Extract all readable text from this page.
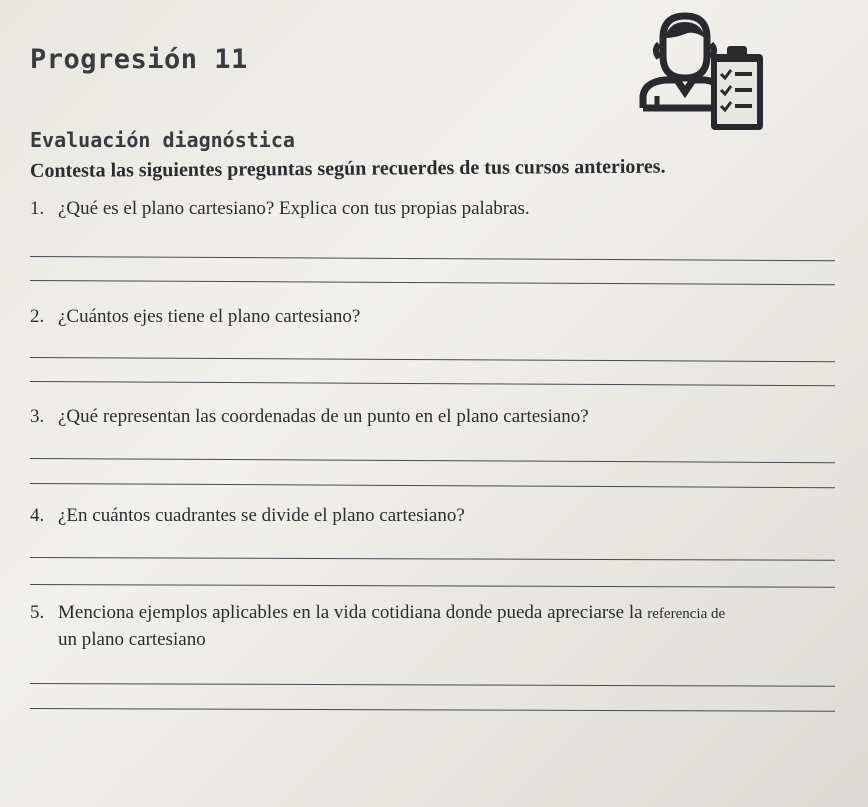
Progresión 11
Evaluación diagnóstica

Contesta las siguientes preguntas según recuerdes de tus cursos anteriores.

1. ¿Qué es el plano cartesiano? Explica con tus propias palabras.

2. ¿Cuántos ejes tiene el plano cartesiano?

3. ¿Qué representan las coordenadas de un punto en el plano cartesiano?

4. ¿En cuántos cuadrantes se divide el plano cartesiano?

5. Menciona ejemplos aplicables en la vida cotidiana donde pueda apreciarse la referencia de
un plano cartesiano
